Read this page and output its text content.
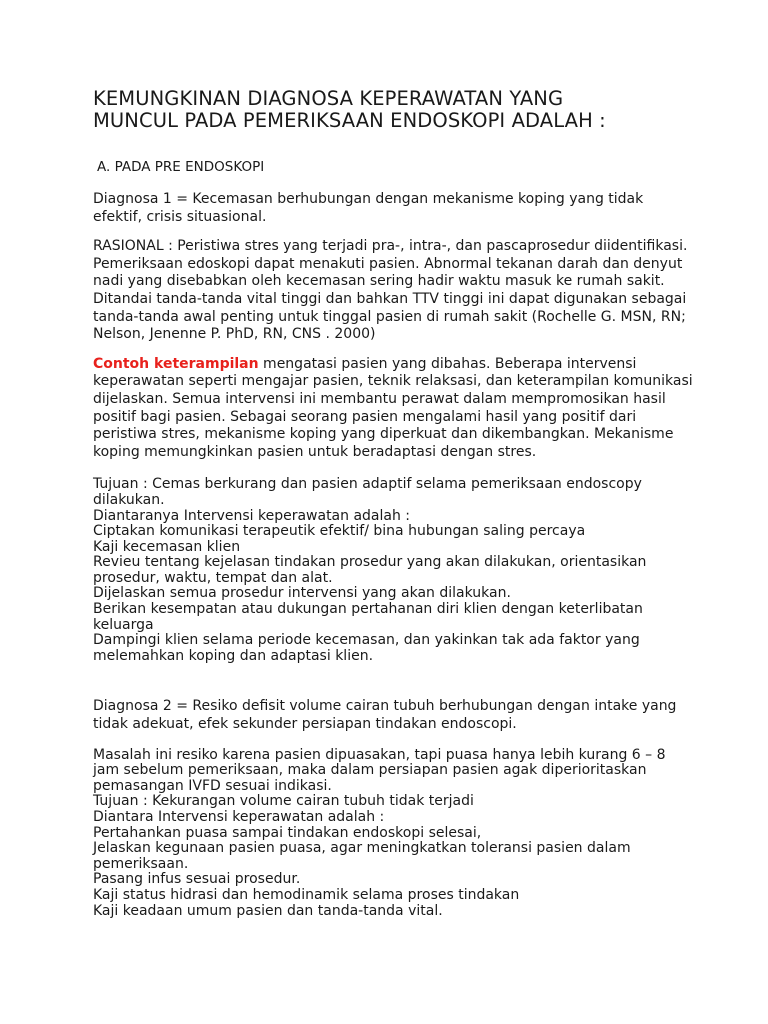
KEMUNGKINAN DIAGNOSA KEPERAWATAN YANG
MUNCUL PADA PEMERIKSAAN ENDOSKOPI ADALAH :

A. PADA PRE ENDOSKOPI

Diagnosa 1 = Kecemasan berhubungan dengan mekanisme koping yang tidak efektif, crisis situasional.

RASIONAL : Peristiwa stres yang terjadi pra-, intra-, dan pascaprosedur diidentifikasi. Pemeriksaan edoskopi dapat menakuti pasien. Abnormal tekanan darah dan denyut nadi yang disebabkan oleh kecemasan sering hadir waktu masuk ke rumah sakit. Ditandai tanda-tanda vital tinggi dan bahkan TTV tinggi ini dapat digunakan sebagai tanda-tanda awal penting untuk tinggal pasien di rumah sakit (Rochelle G. MSN, RN; Nelson, Jenenne P. PhD, RN, CNS . 2000)

Contoh keterampilan mengatasi pasien yang dibahas. Beberapa intervensi keperawatan seperti mengajar pasien, teknik relaksasi, dan keterampilan komunikasi dijelaskan. Semua intervensi ini membantu perawat dalam mempromosikan hasil positif bagi pasien. Sebagai seorang pasien mengalami hasil yang positif dari peristiwa stres, mekanisme koping yang diperkuat dan dikembangkan. Mekanisme koping memungkinkan pasien untuk beradaptasi dengan stres.

Tujuan : Cemas berkurang dan pasien adaptif selama pemeriksaan endoscopy dilakukan.
Diantaranya Intervensi keperawatan adalah :
Ciptakan komunikasi terapeutik efektif/ bina hubungan saling percaya
Kaji kecemasan klien
Revieu tentang kejelasan tindakan prosedur yang akan dilakukan, orientasikan prosedur, waktu, tempat dan alat.
Dijelaskan semua prosedur intervensi yang akan dilakukan.
Berikan kesempatan atau dukungan pertahanan diri klien dengan keterlibatan keluarga
Dampingi klien selama periode kecemasan, dan yakinkan tak ada faktor yang melemahkan koping dan adaptasi klien.

Diagnosa 2 = Resiko defisit volume cairan tubuh berhubungan dengan intake yang tidak adekuat, efek sekunder persiapan tindakan endoscopi.

Masalah ini resiko karena pasien dipuasakan, tapi puasa hanya lebih kurang 6 – 8 jam sebelum pemeriksaan, maka dalam persiapan pasien agak diperioritaskan pemasangan IVFD sesuai indikasi.
Tujuan : Kekurangan volume cairan tubuh tidak terjadi
Diantara Intervensi keperawatan adalah :
Pertahankan puasa sampai tindakan endoskopi selesai,
Jelaskan kegunaan pasien puasa, agar meningkatkan toleransi pasien dalam pemeriksaan.
Pasang infus sesuai prosedur.
Kaji status hidrasi dan hemodinamik selama proses tindakan
Kaji keadaan umum pasien dan tanda-tanda vital.
